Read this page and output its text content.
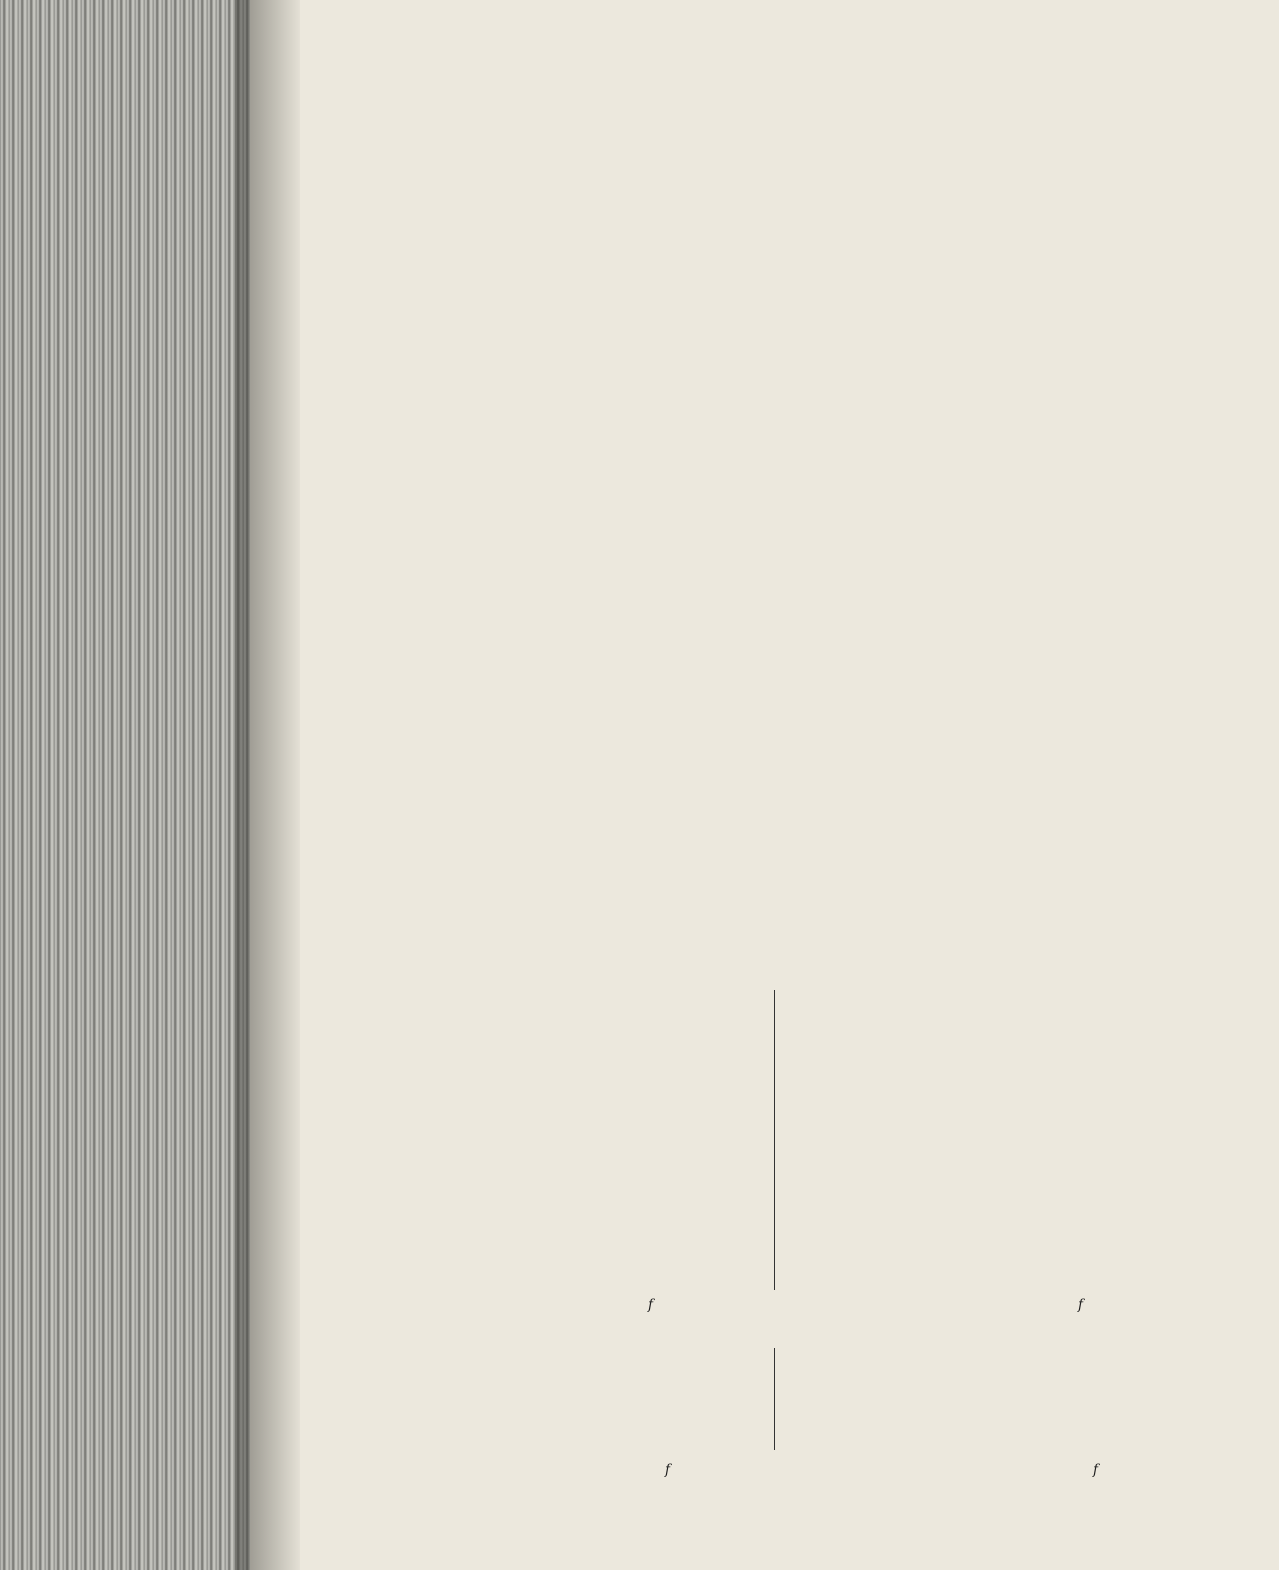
f	f
f	f
